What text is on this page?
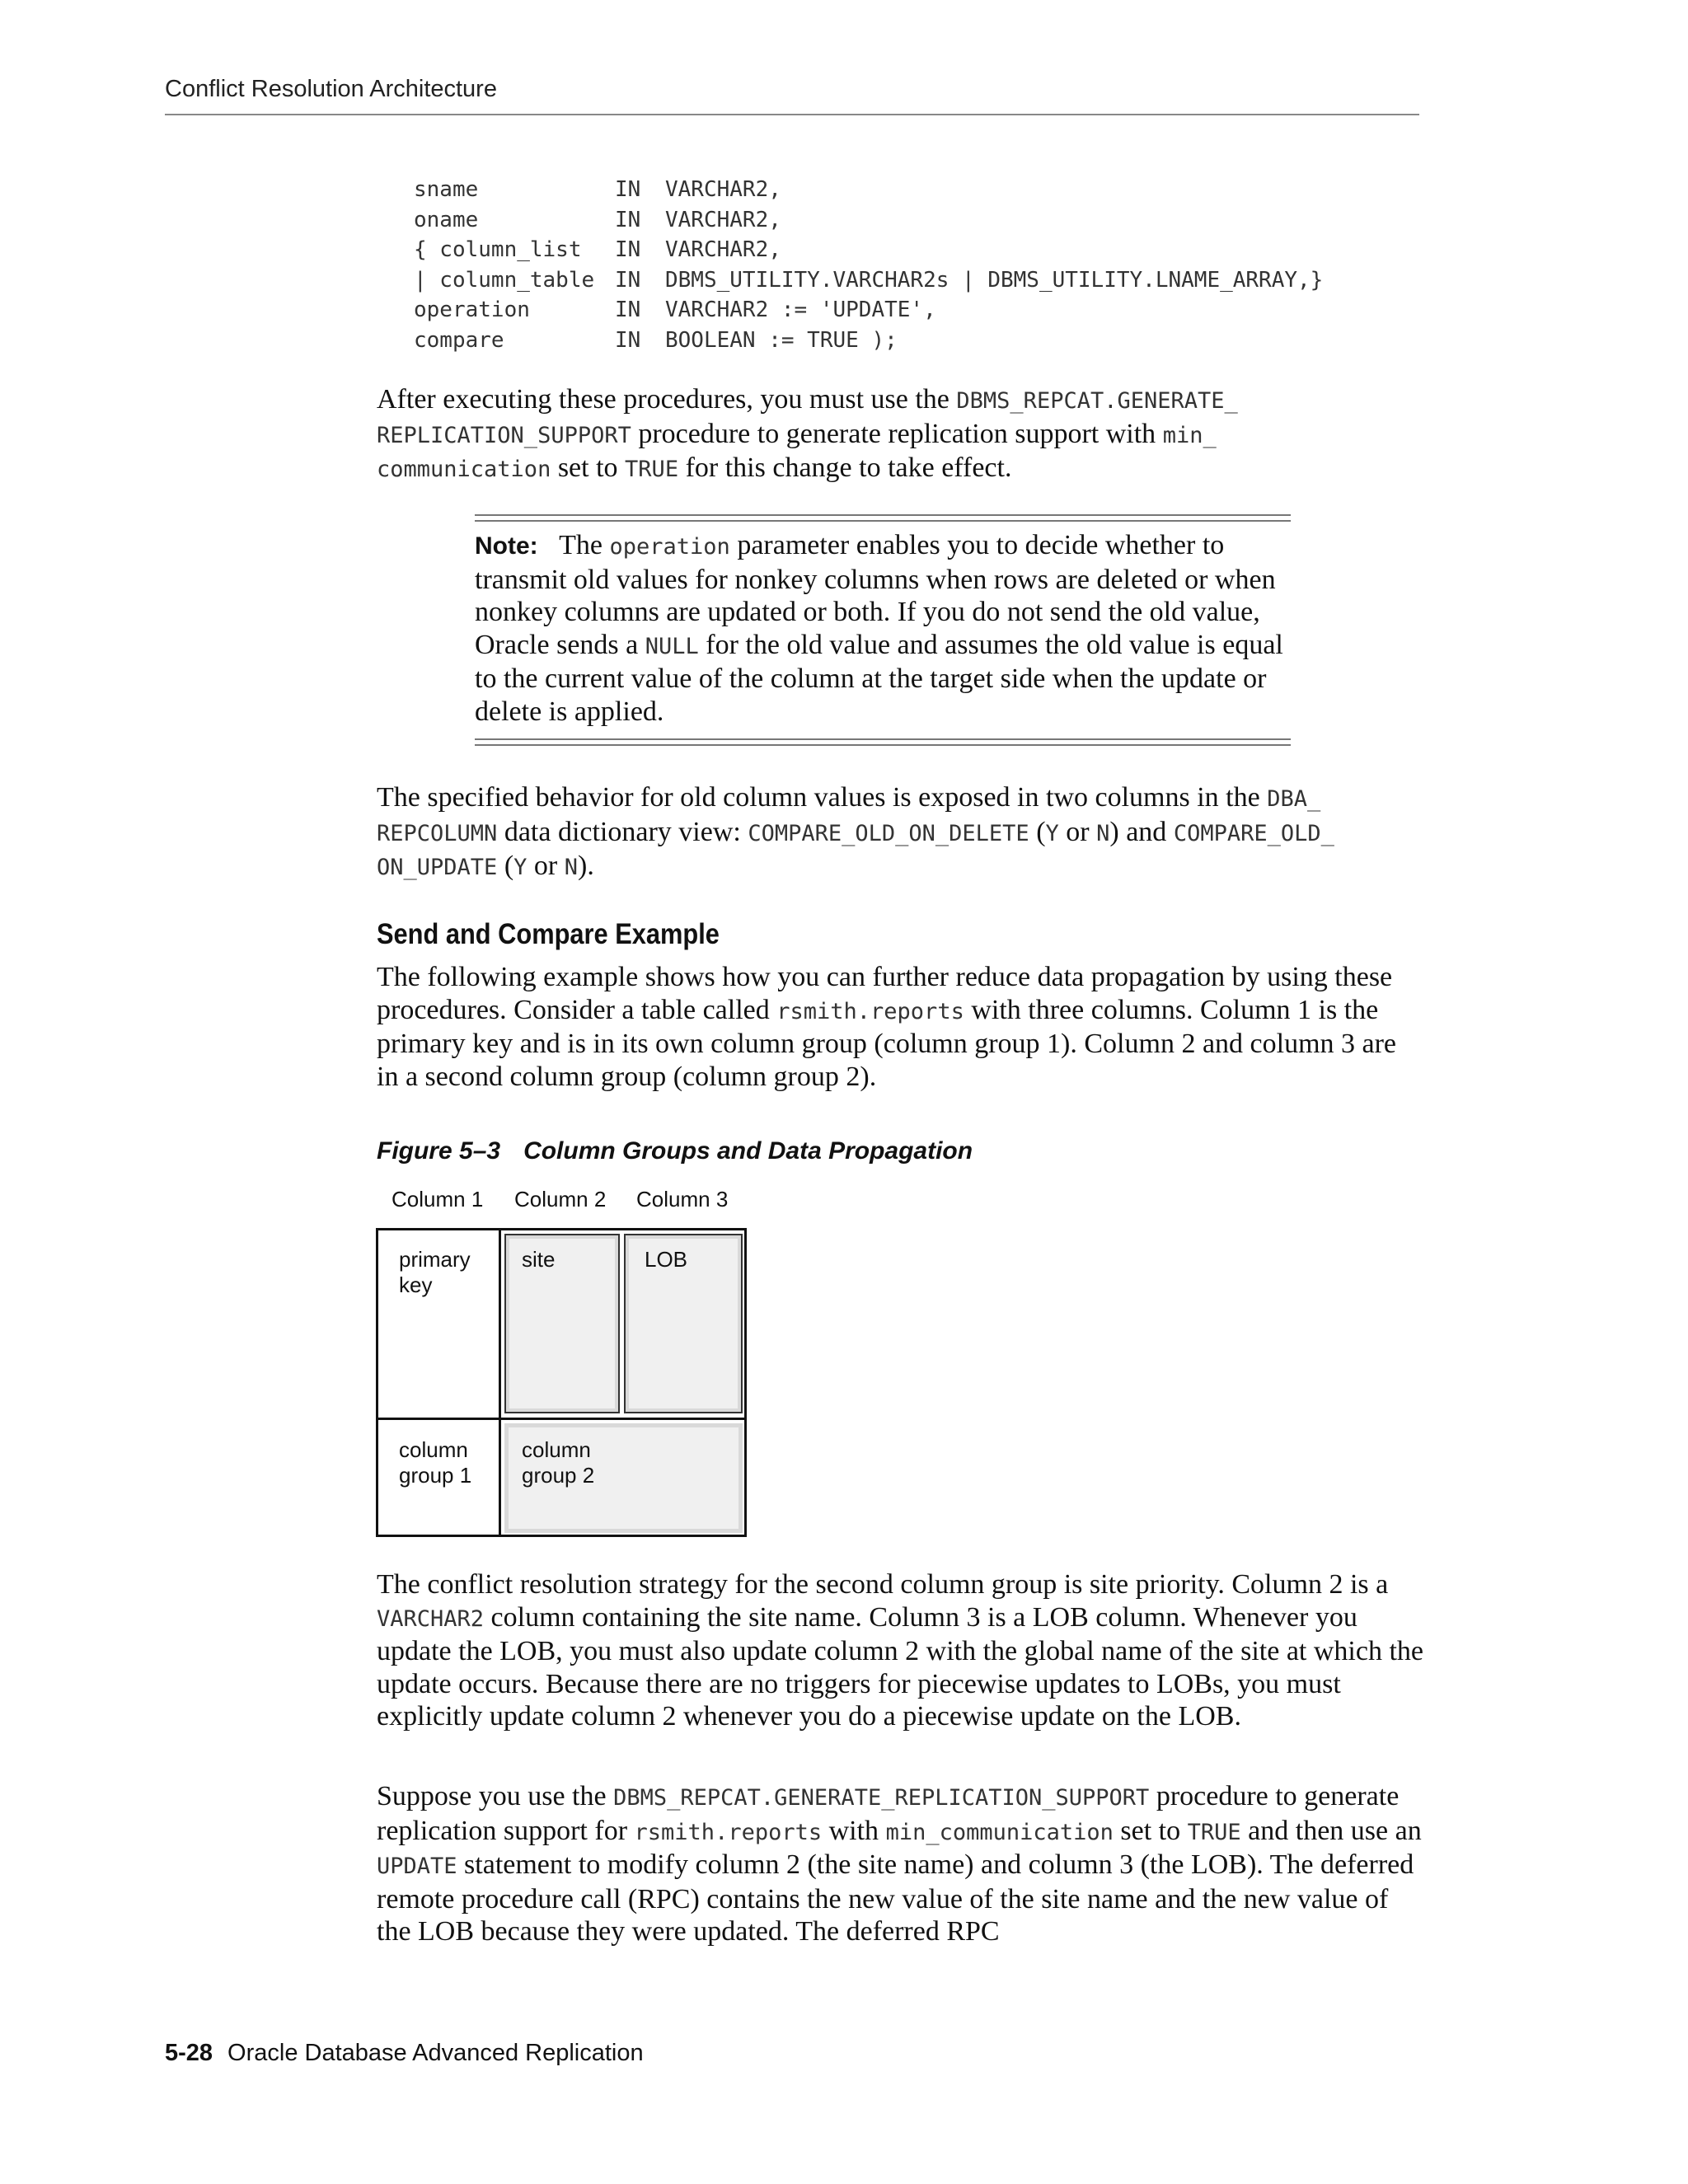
Conflict Resolution Architecture
sname	IN VARCHAR2,
oname	IN VARCHAR2,
{ column_list IN VARCHAR2,
| column_table IN DBMS_UTILITY.VARCHAR2s | DBMS_UTILITY.LNAME_ARRAY,}
operation	IN VARCHAR2 := 'UPDATE',
compare	IN BOOLEAN := TRUE );
After executing these procedures, you must use the DBMS_REPCAT.GENERATE_
REPLICATION_SUPPORT procedure to generate replication support with min_
communication set to TRUE for this change to take effect.
Note: The operation parameter enables you to decide whether to transmit old values for nonkey columns when rows are deleted or when nonkey columns are updated or both. If you do not send the old value, Oracle sends a NULL for the old value and assumes the old value is equal to the current value of the column at the target side when the update or delete is applied.
The specified behavior for old column values is exposed in two columns in the DBA_
REPCOLUMN data dictionary view: COMPARE_OLD_ON_DELETE (Y or N) and COMPARE_OLD_
ON_UPDATE (Y or N).
Send and Compare Example
The following example shows how you can further reduce data propagation by using these procedures. Consider a table called rsmith.reports with three columns. Column 1 is the primary key and is in its own column group (column group 1). Column 2 and column 3 are in a second column group (column group 2).
Figure 5–3 Column Groups and Data Propagation
Column 1 Column 2 Column 3
primary key
site	LOB
column group 1
column group 2
The conflict resolution strategy for the second column group is site priority. Column 2 is a VARCHAR2 column containing the site name. Column 3 is a LOB column. Whenever you update the LOB, you must also update column 2 with the global name of the site at which the update occurs. Because there are no triggers for piecewise updates to LOBs, you must explicitly update column 2 whenever you do a piecewise update on the LOB.
Suppose you use the DBMS_REPCAT.GENERATE_REPLICATION_SUPPORT procedure to generate replication support for rsmith.reports with min_communication set to TRUE and then use an UPDATE statement to modify column 2 (the site name) and column 3 (the LOB). The deferred remote procedure call (RPC) contains the new value of the site name and the new value of the LOB because they were updated. The deferred RPC
5-28 Oracle Database Advanced Replication
